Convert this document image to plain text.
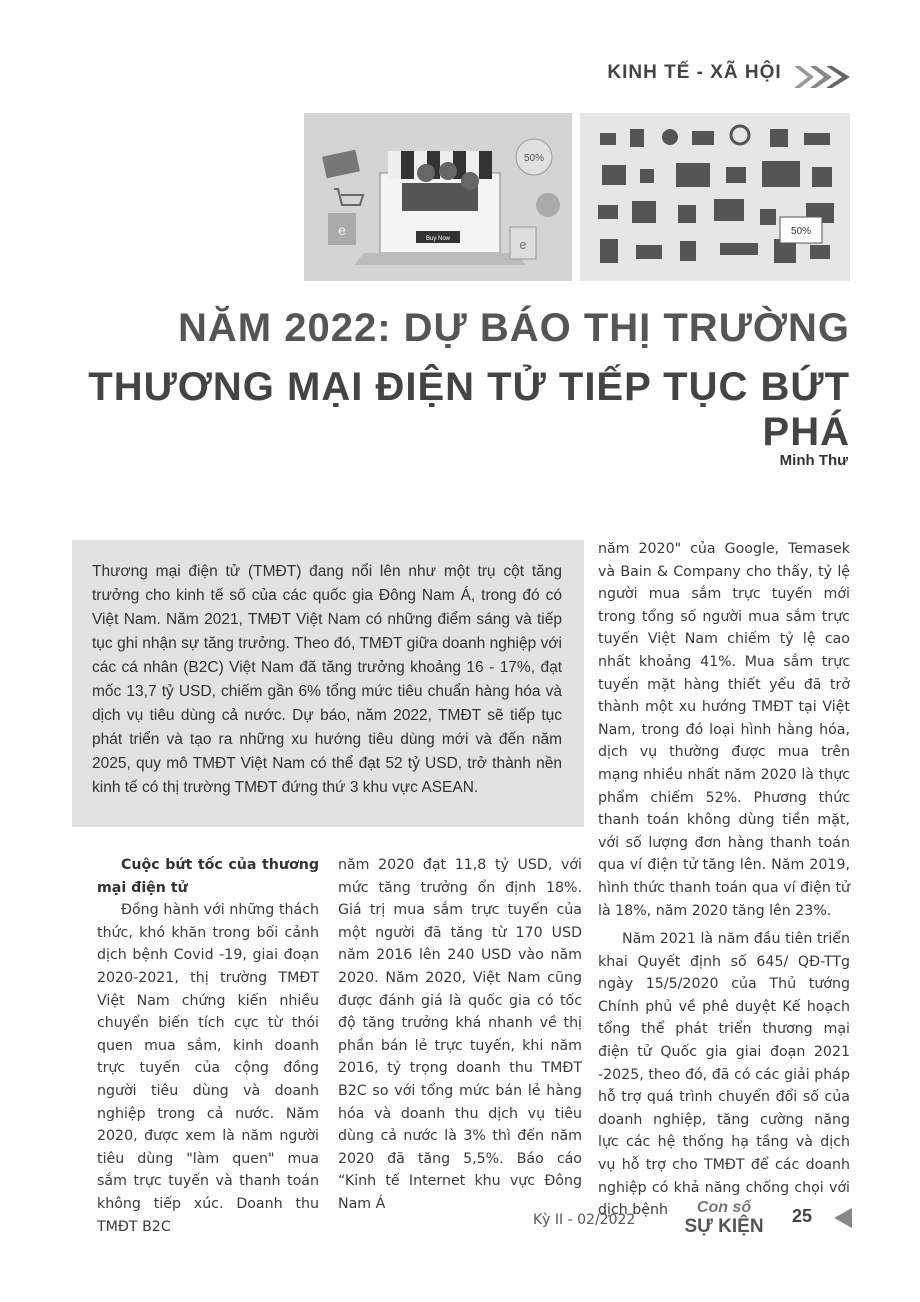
KINH TẾ - XÃ HỘI
Buy Now
e
50%
e
50%
NĂM 2022: DỰ BÁO THỊ TRƯỜNG
THƯƠNG MẠI ĐIỆN TỬ TIẾP TỤC BỨT PHÁ
Minh Thư

Thương mại điện tử (TMĐT) đang nổi lên như một trụ cột tăng trưởng cho kinh tế số của các quốc gia Đông Nam Á, trong đó có Việt Nam. Năm 2021, TMĐT Việt Nam có những điểm sáng và tiếp tục ghi nhận sự tăng trưởng. Theo đó, TMĐT giữa doanh nghiệp với các cá nhân (B2C) Việt Nam đã tăng trưởng khoảng 16 - 17%, đạt mốc 13,7 tỷ USD, chiếm gần 6% tổng mức tiêu chuẩn hàng hóa và dịch vụ tiêu dùng cả nước. Dự báo, năm 2022, TMĐT sẽ tiếp tục phát triển và tạo ra những xu hướng tiêu dùng mới và đến năm 2025, quy mô TMĐT Việt Nam có thể đạt 52 tỷ USD, trở thành nền kinh tế có thị trường TMĐT đứng thứ 3 khu vực ASEAN.

Cuộc bứt tốc của thương mại điện tử

Đồng hành với những thách thức, khó khăn trong bối cảnh dịch bệnh Covid -19, giai đoạn 2020-2021, thị trường TMĐT Việt Nam chứng kiến nhiều chuyển biến tích cực từ thói quen mua sắm, kinh doanh trực tuyến của cộng đồng người tiêu dùng và doanh nghiệp trong cả nước. Năm 2020, được xem là năm người tiêu dùng "làm quen" mua sắm trực tuyến và thanh toán không tiếp xúc. Doanh thu TMĐT B2C

năm 2020 đạt 11,8 tỷ USD, với mức tăng trưởng ổn định 18%. Giá trị mua sắm trực tuyến của một người đã tăng từ 170 USD năm 2016 lên 240 USD vào năm 2020. Năm 2020, Việt Nam cũng được đánh giá là quốc gia có tốc độ tăng trưởng khá nhanh về thị phần bán lẻ trực tuyến, khi năm 2016, tỷ trọng doanh thu TMĐT B2C so với tổng mức bán lẻ hàng hóa và doanh thu dịch vụ tiêu dùng cả nước là 3% thì đến năm 2020 đã tăng 5,5%. Báo cáo “Kinh tế Internet khu vực Đông Nam Á

năm 2020" của Google, Temasek và Bain & Company cho thấy, tỷ lệ người mua sắm trực tuyến mới trong tổng số người mua sắm trực tuyến Việt Nam chiếm tỷ lệ cao nhất khoảng 41%. Mua sắm trực tuyến mặt hàng thiết yếu đã trở thành một xu hướng TMĐT tại Việt Nam, trong đó loại hình hàng hóa, dịch vụ thường được mua trên mạng nhiều nhất năm 2020 là thực phẩm chiếm 52%. Phương thức thanh toán không dùng tiền mặt, với số lượng đơn hàng thanh toán qua ví điện tử tăng lên. Năm 2019, hình thức thanh toán qua ví điện tử là 18%, năm 2020 tăng lên 23%.

Năm 2021 là năm đầu tiên triển khai Quyết định số 645/ QĐ-TTg ngày 15/5/2020 của Thủ tướng Chính phủ về phê duyệt Kế hoạch tổng thể phát triển thương mại điện tử Quốc gia giai đoạn 2021 -2025, theo đó, đã có các giải pháp hỗ trợ quá trình chuyển đổi số của doanh nghiệp, tăng cường năng lực các hệ thống hạ tầng và dịch vụ hỗ trợ cho TMĐT để các doanh nghiệp có khả năng chống chọi với dịch bệnh

Kỳ II - 02/2022
Con số
SỰ KIỆN 25
